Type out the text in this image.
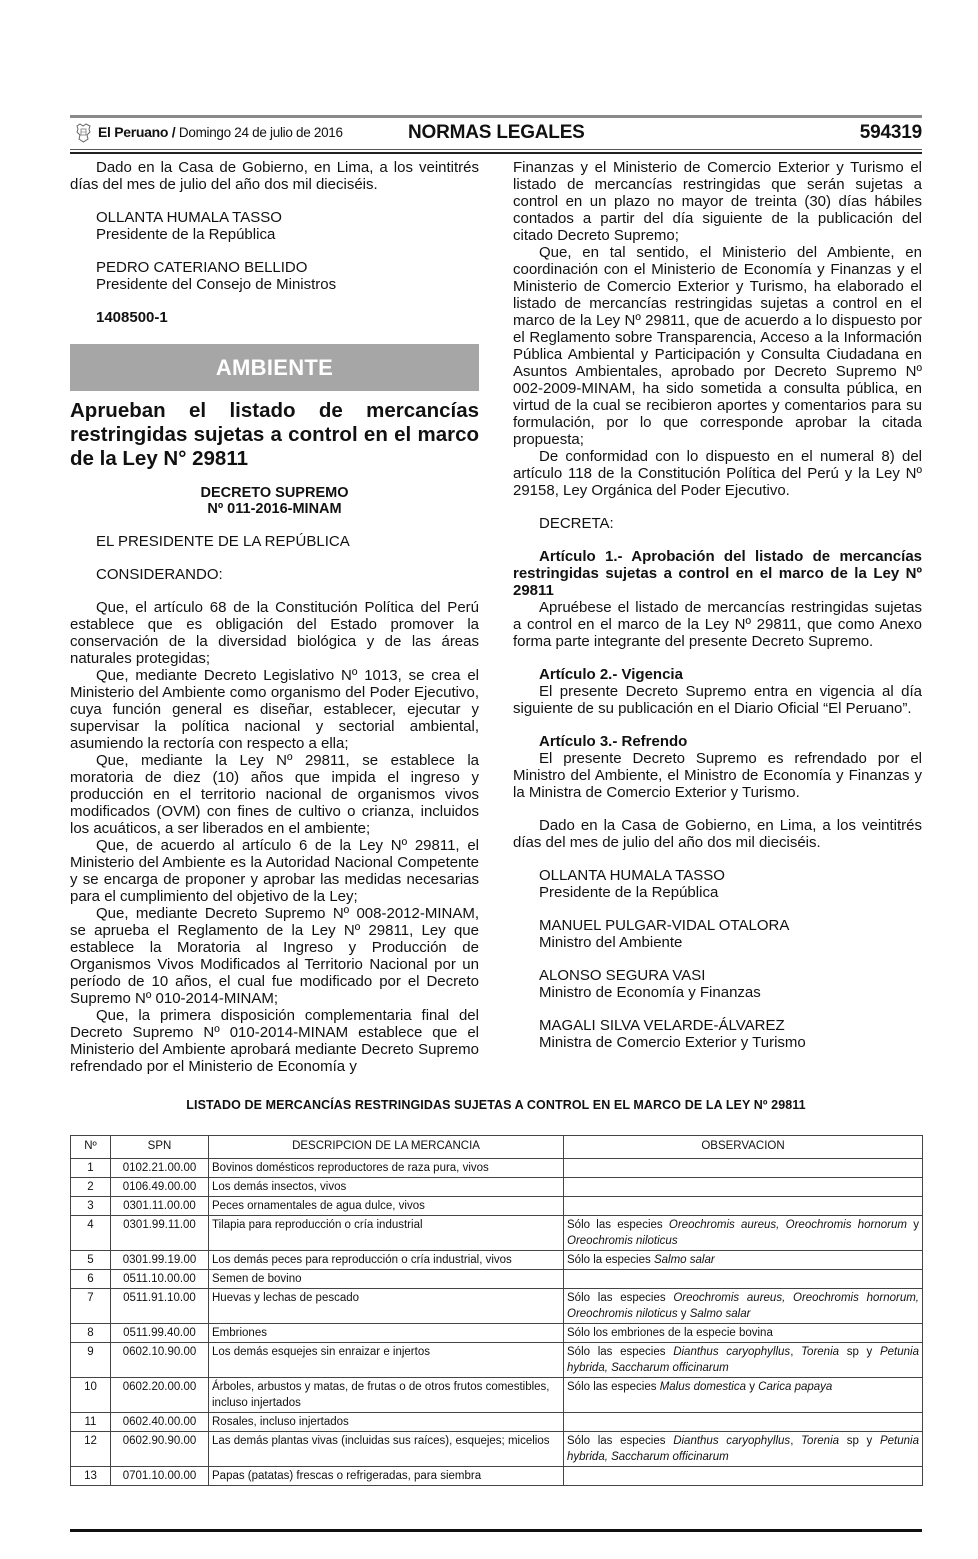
El Peruano / Domingo 24 de julio de 2016	NORMAS LEGALES	594319

Dado en la Casa de Gobierno, en Lima, a los veintitrés días del mes de julio del año dos mil dieciséis.

OLLANTA HUMALA TASSO
Presidente de la República
PEDRO CATERIANO BELLIDO
Presidente del Consejo de Ministros
1408500-1
AMBIENTE
Aprueban el listado de mercancías restringidas sujetas a control en el marco de la Ley N° 29811
DECRETO SUPREMO
Nº 011-2016-MINAM
EL PRESIDENTE DE LA REPÚBLICA
CONSIDERANDO:

Que, el artículo 68 de la Constitución Política del Perú establece que es obligación del Estado promover la conservación de la diversidad biológica y de las áreas naturales protegidas;

Que, mediante Decreto Legislativo Nº 1013, se crea el Ministerio del Ambiente como organismo del Poder Ejecutivo, cuya función general es diseñar, establecer, ejecutar y supervisar la política nacional y sectorial ambiental, asumiendo la rectoría con respecto a ella;

Que, mediante la Ley Nº 29811, se establece la moratoria de diez (10) años que impida el ingreso y producción en el territorio nacional de organismos vivos modificados (OVM) con fines de cultivo o crianza, incluidos los acuáticos, a ser liberados en el ambiente;

Que, de acuerdo al artículo 6 de la Ley Nº 29811, el Ministerio del Ambiente es la Autoridad Nacional Competente y se encarga de proponer y aprobar las medidas necesarias para el cumplimiento del objetivo de la Ley;

Que, mediante Decreto Supremo Nº 008-2012-MINAM, se aprueba el Reglamento de la Ley Nº 29811, Ley que establece la Moratoria al Ingreso y Producción de Organismos Vivos Modificados al Territorio Nacional por un período de 10 años, el cual fue modificado por el Decreto Supremo Nº 010-2014-MINAM;

Que, la primera disposición complementaria final del Decreto Supremo Nº 010-2014-MINAM establece que el Ministerio del Ambiente aprobará mediante Decreto Supremo refrendado por el Ministerio de Economía y

Finanzas y el Ministerio de Comercio Exterior y Turismo el listado de mercancías restringidas que serán sujetas a control en un plazo no mayor de treinta (30) días hábiles contados a partir del día siguiente de la publicación del citado Decreto Supremo;

Que, en tal sentido, el Ministerio del Ambiente, en coordinación con el Ministerio de Economía y Finanzas y el Ministerio de Comercio Exterior y Turismo, ha elaborado el listado de mercancías restringidas sujetas a control en el marco de la Ley Nº 29811, que de acuerdo a lo dispuesto por el Reglamento sobre Transparencia, Acceso a la Información Pública Ambiental y Participación y Consulta Ciudadana en Asuntos Ambientales, aprobado por Decreto Supremo Nº 002-2009-MINAM, ha sido sometida a consulta pública, en virtud de la cual se recibieron aportes y comentarios para su formulación, por lo que corresponde aprobar la citada propuesta;

De conformidad con lo dispuesto en el numeral 8) del artículo 118 de la Constitución Política del Perú y la Ley Nº 29158, Ley Orgánica del Poder Ejecutivo.

DECRETA:

Artículo 1.- Aprobación del listado de mercancías restringidas sujetas a control en el marco de la Ley Nº 29811

Apruébese el listado de mercancías restringidas sujetas a control en el marco de la Ley Nº 29811, que como Anexo forma parte integrante del presente Decreto Supremo.

Artículo 2.- Vigencia

El presente Decreto Supremo entra en vigencia al día siguiente de su publicación en el Diario Oficial “El Peruano”.

Artículo 3.- Refrendo

El presente Decreto Supremo es refrendado por el Ministro del Ambiente, el Ministro de Economía y Finanzas y la Ministra de Comercio Exterior y Turismo.

Dado en la Casa de Gobierno, en Lima, a los veintitrés días del mes de julio del año dos mil dieciséis.

OLLANTA HUMALA TASSO
Presidente de la República
MANUEL PULGAR-VIDAL OTALORA
Ministro del Ambiente
ALONSO SEGURA VASI
Ministro de Economía y Finanzas
MAGALI SILVA VELARDE-ÁLVAREZ
Ministra de Comercio Exterior y Turismo
LISTADO DE MERCANCÍAS RESTRINGIDAS SUJETAS A CONTROL EN EL MARCO DE LA LEY Nº 29811
Nº	SPN	DESCRIPCION DE LA MERCANCIA	OBSERVACION
1	0102.21.00.00	Bovinos domésticos reproductores de raza pura, vivos	
2	0106.49.00.00	Los demás insectos, vivos	
3	0301.11.00.00	Peces ornamentales de agua dulce, vivos	
4	0301.99.11.00	Tilapia para reproducción o cría industrial	Sólo las especies Oreochromis aureus, Oreochromis hornorum y Oreochromis niloticus
5	0301.99.19.00	Los demás peces para reproducción o cría industrial, vivos	Sólo la especies Salmo salar
6	0511.10.00.00	Semen de bovino	
7	0511.91.10.00	Huevas y lechas de pescado	Sólo las especies Oreochromis aureus, Oreochromis hornorum, Oreochromis niloticus y Salmo salar
8	0511.99.40.00	Embriones	Sólo los embriones de la especie bovina
9	0602.10.90.00	Los demás esquejes sin enraizar e injertos	Sólo las especies Dianthus caryophyllus, Torenia sp y Petunia hybrida, Saccharum officinarum
10	0602.20.00.00	Árboles, arbustos y matas, de frutas o de otros frutos comestibles, incluso injertados	Sólo las especies Malus domestica y Carica papaya
11	0602.40.00.00	Rosales, incluso injertados	
12	0602.90.90.00	Las demás plantas vivas (incluidas sus raíces), esquejes; micelios	Sólo las especies Dianthus caryophyllus, Torenia sp y Petunia hybrida, Saccharum officinarum
13	0701.10.00.00	Papas (patatas) frescas o refrigeradas, para siembra	
